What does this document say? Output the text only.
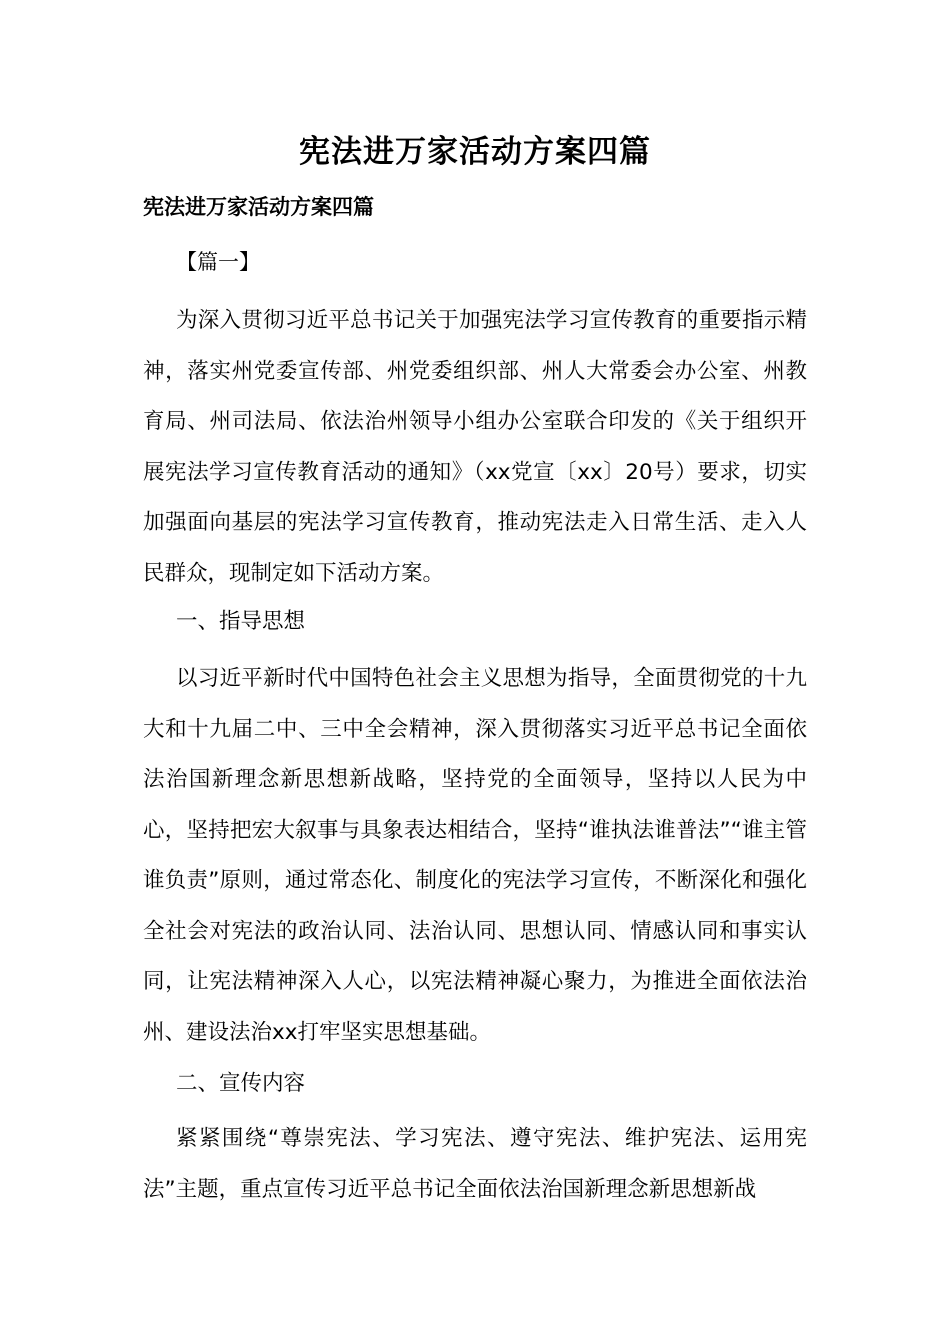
宪法进万家活动方案四篇
宪法进万家活动方案四篇
【篇一】

为深入贯彻习近平总书记关于加强宪法学习宣传教育的重要指示精神，落实州党委宣传部、州党委组织部、州人大常委会办公室、州教育局、州司法局、依法治州领导小组办公室联合印发的《关于组织开展宪法学习宣传教育活动的通知》（xx党宣〔xx〕20号）要求，切实加强面向基层的宪法学习宣传教育，推动宪法走入日常生活、走入人民群众，现制定如下活动方案。

一、指导思想

以习近平新时代中国特色社会主义思想为指导，全面贯彻党的十九大和十九届二中、三中全会精神，深入贯彻落实习近平总书记全面依法治国新理念新思想新战略，坚持党的全面领导，坚持以人民为中心，坚持把宏大叙事与具象表达相结合，坚持“谁执法谁普法”“谁主管谁负责”原则，通过常态化、制度化的宪法学习宣传，不断深化和强化全社会对宪法的政治认同、法治认同、思想认同、情感认同和事实认同，让宪法精神深入人心，以宪法精神凝心聚力，为推进全面依法治州、建设法治xx打牢坚实思想基础。

二、宣传内容

紧紧围绕“尊崇宪法、学习宪法、遵守宪法、维护宪法、运用宪法”主题，重点宣传习近平总书记全面依法治国新理念新思想新战
